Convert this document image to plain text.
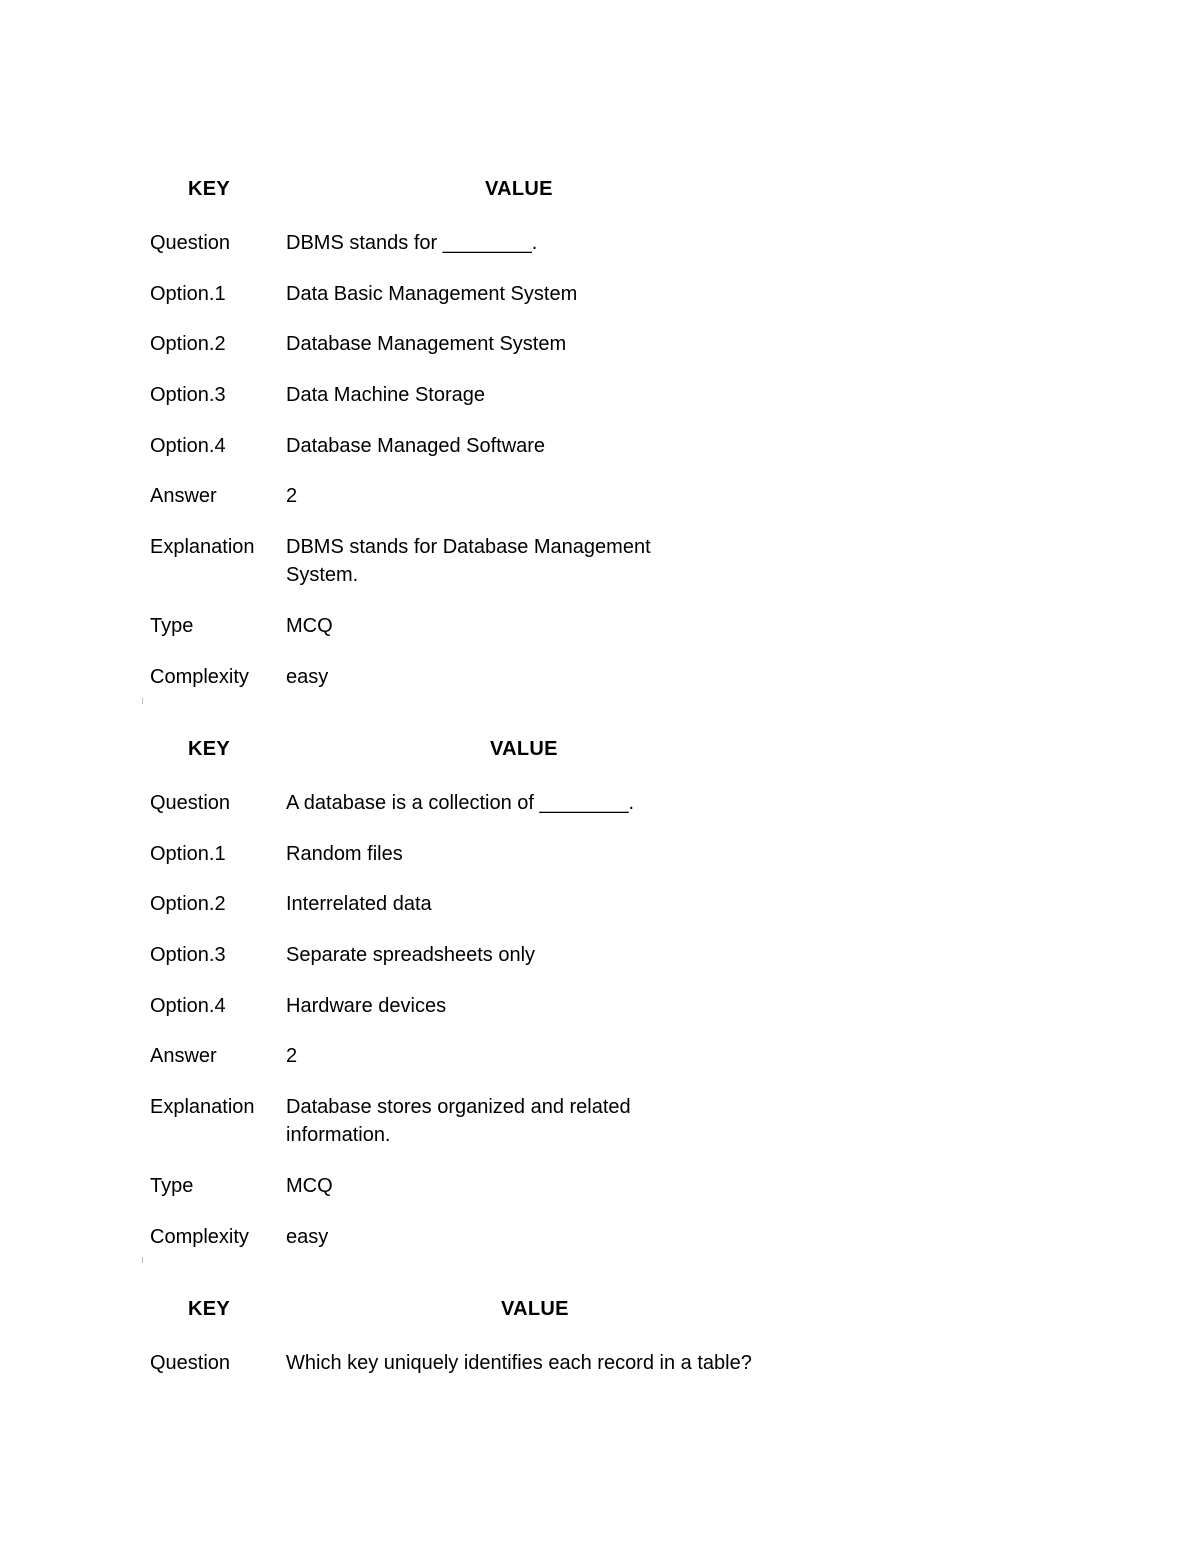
KEY	VALUE
Question	DBMS stands for ________.
Option.1	Data Basic Management System
Option.2	Database Management System
Option.3	Data Machine Storage
Option.4	Database Managed Software
Answer	2
Explanation	DBMS stands for Database Management System.
Type	MCQ
Complexity	easy
KEY	VALUE
Question	A database is a collection of ________.
Option.1	Random files
Option.2	Interrelated data
Option.3	Separate spreadsheets only
Option.4	Hardware devices
Answer	2
Explanation	Database stores organized and related information.
Type	MCQ
Complexity	easy
KEY	VALUE
Question	Which key uniquely identifies each record in a table?
